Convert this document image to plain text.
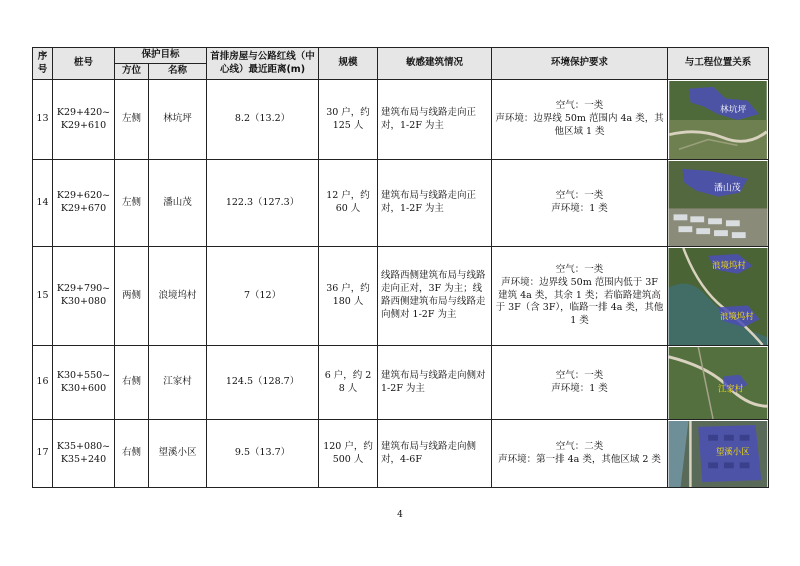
序号	桩号	保护目标		首排房屋与公路红线（中心线）最近距离(m)	规模	敏感建筑情况	环境保护要求	与工程位置关系
		方位	名称					
13	K29+420~K29+610	左侧	林坑坪	8.2（13.2）	30 户，约 125 人	建筑布局与线路走向正对，1-2F 为主	空气：一类
声环境：边界线 50m 范围内 4a 类，其他区域 1 类	林坑坪

14	K29+620~K29+670	左侧	潘山茂	122.3（127.3）	12 户，约 60 人	建筑布局与线路走向正对，1-2F 为主	空气：一类
声环境：1 类	潘山茂

15	K29+790~K30+080	两侧	浪境坞村	7（12）	36 户，约 180 人	线路西侧建筑布局与线路走向正对，3F 为主；线路西侧建筑布局与线路走向侧对 1-2F 为主	空气：一类
声环境：边界线 50m 范围内低于 3F 建筑 4a 类，其余 1 类；若临路建筑高于 3F（含 3F），临路一排 4a 类，其他 1 类	浪境坞村
浪境坞村

16	K30+550~K30+600	右侧	江家村	124.5（128.7）	6 户，约 28 人	建筑布局与线路走向侧对 1-2F 为主	空气：一类
声环境：1 类	江家村

17	K35+080~K35+240	右侧	望溪小区	9.5（13.7）	120 户，约 500 人	建筑布局与线路走向侧对，4-6F	空气：二类
声环境：第一排 4a 类，其他区域 2 类	望溪小区
4
